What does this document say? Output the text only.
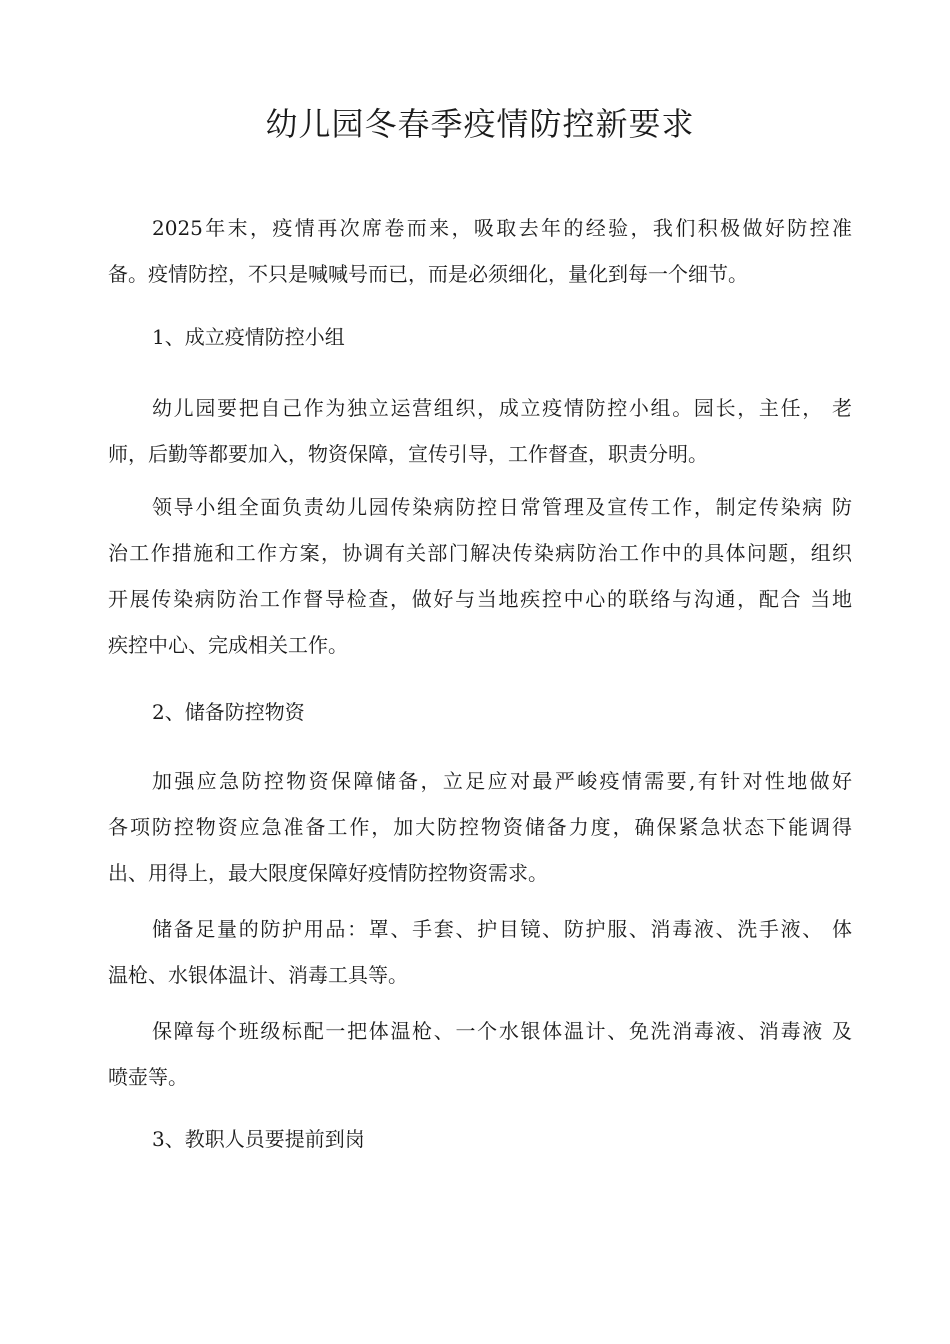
幼儿园冬春季疫情防控新要求
2025年末，疫情再次席卷而来，吸取去年的经验，我们积极做好防控准
备。疫情防控，不只是喊喊号而已，而是必须细化，量化到每一个细节。
1、成立疫情防控小组
幼儿园要把自己作为独立运营组织，成立疫情防控小组。园长，主任， 老
师，后勤等都要加入，物资保障，宣传引导，工作督查，职责分明。
领导小组全面负责幼儿园传染病防控日常管理及宣传工作，制定传染病 防
治工作措施和工作方案，协调有关部门解决传染病防治工作中的具体问题，组织
开展传染病防治工作督导检查，做好与当地疾控中心的联络与沟通，配合 当地
疾控中心、完成相关工作。
2、储备防控物资
加强应急防控物资保障储备，立足应对最严峻疫情需要,有针对性地做好
各项防控物资应急准备工作，加大防控物资储备力度，确保紧急状态下能调得
出、用得上，最大限度保障好疫情防控物资需求。
储备足量的防护用品：罩、手套、护目镜、防护服、消毒液、洗手液、 体
温枪、水银体温计、消毒工具等。
保障每个班级标配一把体温枪、一个水银体温计、免洗消毒液、消毒液 及
喷壶等。
3、教职人员要提前到岗
